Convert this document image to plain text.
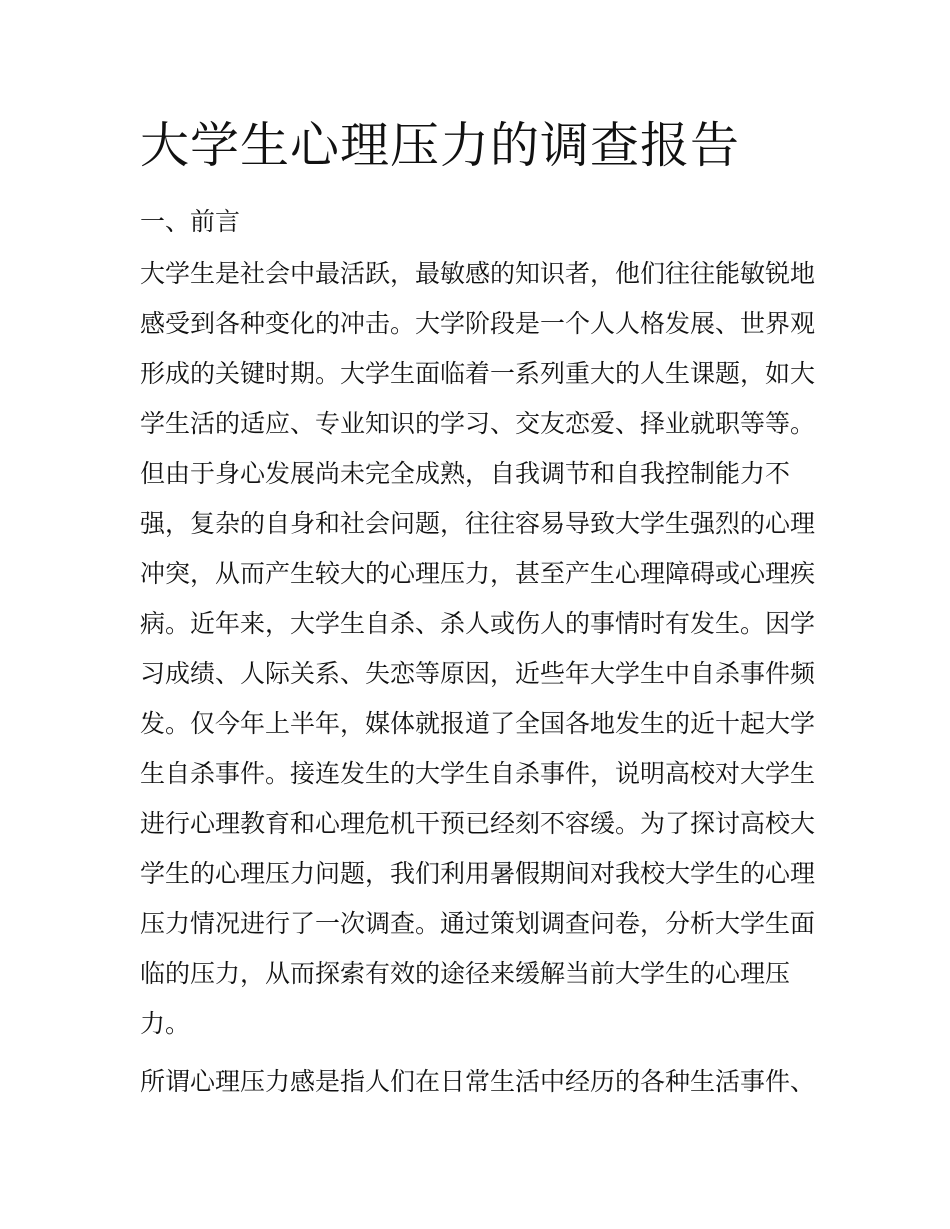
大学生心理压力的调查报告
一、前言

大学生是社会中最活跃，最敏感的知识者，他们往往能敏锐地

感受到各种变化的冲击。大学阶段是一个人人格发展、世界观

形成的关键时期。大学生面临着一系列重大的人生课题，如大

学生活的适应、专业知识的学习、交友恋爱、择业就职等等。

但由于身心发展尚未完全成熟，自我调节和自我控制能力不

强，复杂的自身和社会问题，往往容易导致大学生强烈的心理

冲突，从而产生较大的心理压力，甚至产生心理障碍或心理疾

病。近年来，大学生自杀、杀人或伤人的事情时有发生。因学

习成绩、人际关系、失恋等原因，近些年大学生中自杀事件频

发。仅今年上半年，媒体就报道了全国各地发生的近十起大学

生自杀事件。接连发生的大学生自杀事件，说明高校对大学生

进行心理教育和心理危机干预已经刻不容缓。为了探讨高校大

学生的心理压力问题，我们利用暑假期间对我校大学生的心理

压力情况进行了一次调查。通过策划调查问卷，分析大学生面

临的压力，从而探索有效的途径来缓解当前大学生的心理压

力。

所谓心理压力感是指人们在日常生活中经历的各种生活事件、
